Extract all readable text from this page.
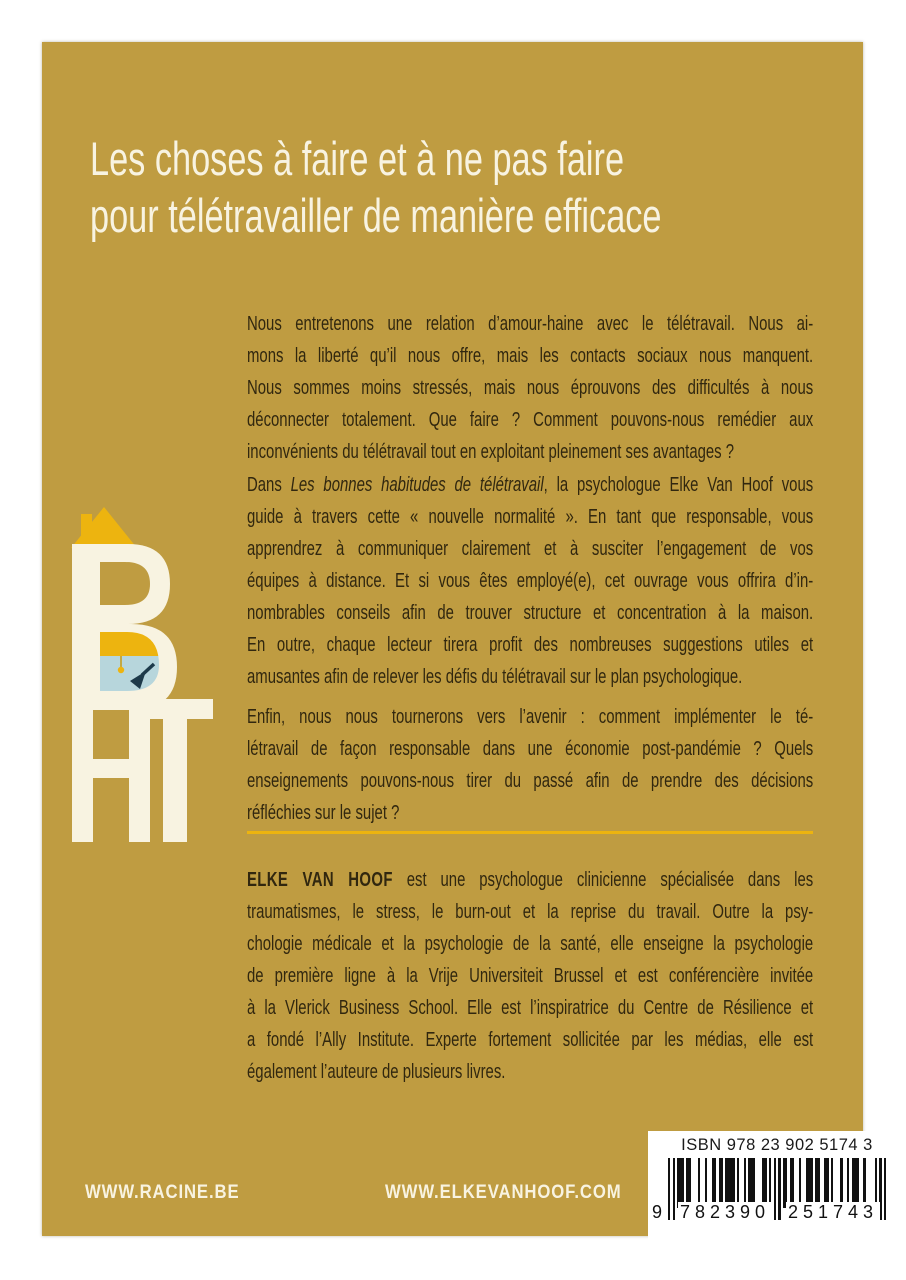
Les choses à faire et à ne pas faire
pour télétravailler de manière efficace
Nous entretenons une relation d’amour-haine avec le télétravail. Nous ai-
mons la liberté qu’il nous offre, mais les contacts sociaux nous manquent.
Nous sommes moins stressés, mais nous éprouvons des difficultés à nous
déconnecter totalement. Que faire ? Comment pouvons-nous remédier aux
inconvénients du télétravail tout en exploitant pleinement ses avantages ?
Dans Les bonnes habitudes de télétravail, la psychologue Elke Van Hoof vous
guide à travers cette « nouvelle normalité ». En tant que responsable, vous
apprendrez à communiquer clairement et à susciter l’engagement de vos
équipes à distance. Et si vous êtes employé(e), cet ouvrage vous offrira d’in-
nombrables conseils afin de trouver structure et concentration à la maison.
En outre, chaque lecteur tirera profit des nombreuses suggestions utiles et
amusantes afin de relever les défis du télétravail sur le plan psychologique.
Enfin, nous nous tournerons vers l’avenir : comment implémenter le té-
létravail de façon responsable dans une économie post-pandémie ? Quels
enseignements pouvons-nous tirer du passé afin de prendre des décisions
réfléchies sur le sujet ?
ELKE VAN HOOF est une psychologue clinicienne spécialisée dans les
traumatismes, le stress, le burn-out et la reprise du travail. Outre la psy-
chologie médicale et la psychologie de la santé, elle enseigne la psychologie
de première ligne à la Vrije Universiteit Brussel et est conférencière invitée
à la Vlerick Business School. Elle est l’inspiratrice du Centre de Résilience et
a fondé l’Ally Institute. Experte fortement sollicitée par les médias, elle est
également l’auteure de plusieurs livres.
WWW.RACINE.BE	WWW.ELKEVANHOOF.COM
ISBN 978 23 902 5174 3
9 782390 251743
